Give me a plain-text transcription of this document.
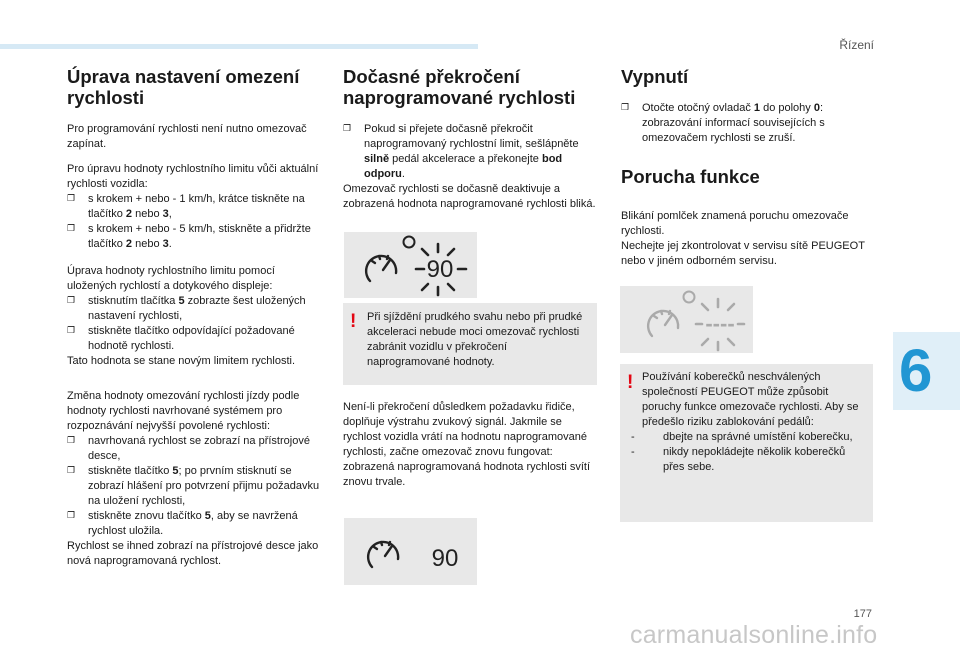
Řízení
6
177
carmanualsonline.info
Úprava nastavení omezení rychlosti

Pro programování rychlosti není nutno omezovač zapínat.

Pro úpravu hodnoty rychlostního limitu vůči aktuální rychlosti vozidla:

❐ s krokem + nebo - 1 km/h, krátce tiskněte na tlačítko 2 nebo 3,
❐ s krokem + nebo - 5 km/h, stiskněte a přidržte tlačítko 2 nebo 3.

Úprava hodnoty rychlostního limitu pomocí uložených rychlostí a dotykového displeje:

❐ stisknutím tlačítka 5 zobrazte šest uložených nastavení rychlosti,
❐ stiskněte tlačítko odpovídající požadované hodnotě rychlosti.

Tato hodnota se stane novým limitem rychlosti.

Změna hodnoty omezování rychlosti jízdy podle hodnoty rychlosti navrhované systémem pro rozpoznávání nejvyšší povolené rychlosti:

❐ navrhovaná rychlost se zobrazí na přístrojové desce,
❐ stiskněte tlačítko 5; po prvním stisknutí se zobrazí hlášení pro potvrzení přijmu požadavku na uložení rychlosti,
❐ stiskněte znovu tlačítko 5, aby se navržená rychlost uložila.

Rychlost se ihned zobrazí na přístrojové desce jako nová naprogramovaná rychlost.

Dočasné překročení naprogramované rychlosti
❐ Pokud si přejete dočasně překročit naprogramovaný rychlostní limit, sešlápněte silně pedál akcelerace a překonejte bod odporu.

Omezovač rychlosti se dočasně deaktivuje a zobrazená hodnota naprogramované rychlosti bliká.

90
! Při sjíždění prudkého svahu nebo při prudké akceleraci nebude moci omezovač rychlosti zabránit vozidlu v překročení naprogramované hodnoty.

Není-li překročení důsledkem požadavku řidiče, doplňuje výstrahu zvukový signál. Jakmile se rychlost vozidla vrátí na hodnotu naprogramované rychlosti, začne omezovač znovu fungovat: zobrazená naprogramovaná hodnota rychlosti svítí znovu trvale.

90
Vypnutí
❐ Otočte otočný ovladač 1 do polohy 0: zobrazování informací souvisejících s omezovačem rychlosti se zruší.
Porucha funkce

Blikání pomlček znamená poruchu omezovače rychlosti.

Nechejte jej zkontrolovat v servisu sítě PEUGEOT nebo v jiném odborném servisu.

----
! Používání koberečků neschválených společností PEUGEOT může způsobit poruchy funkce omezovače rychlosti. Aby se předešlo riziku zablokování pedálů:

-	dbejte na správné umístění koberečku,
-	nikdy nepokládejte několik koberečků přes sebe.
